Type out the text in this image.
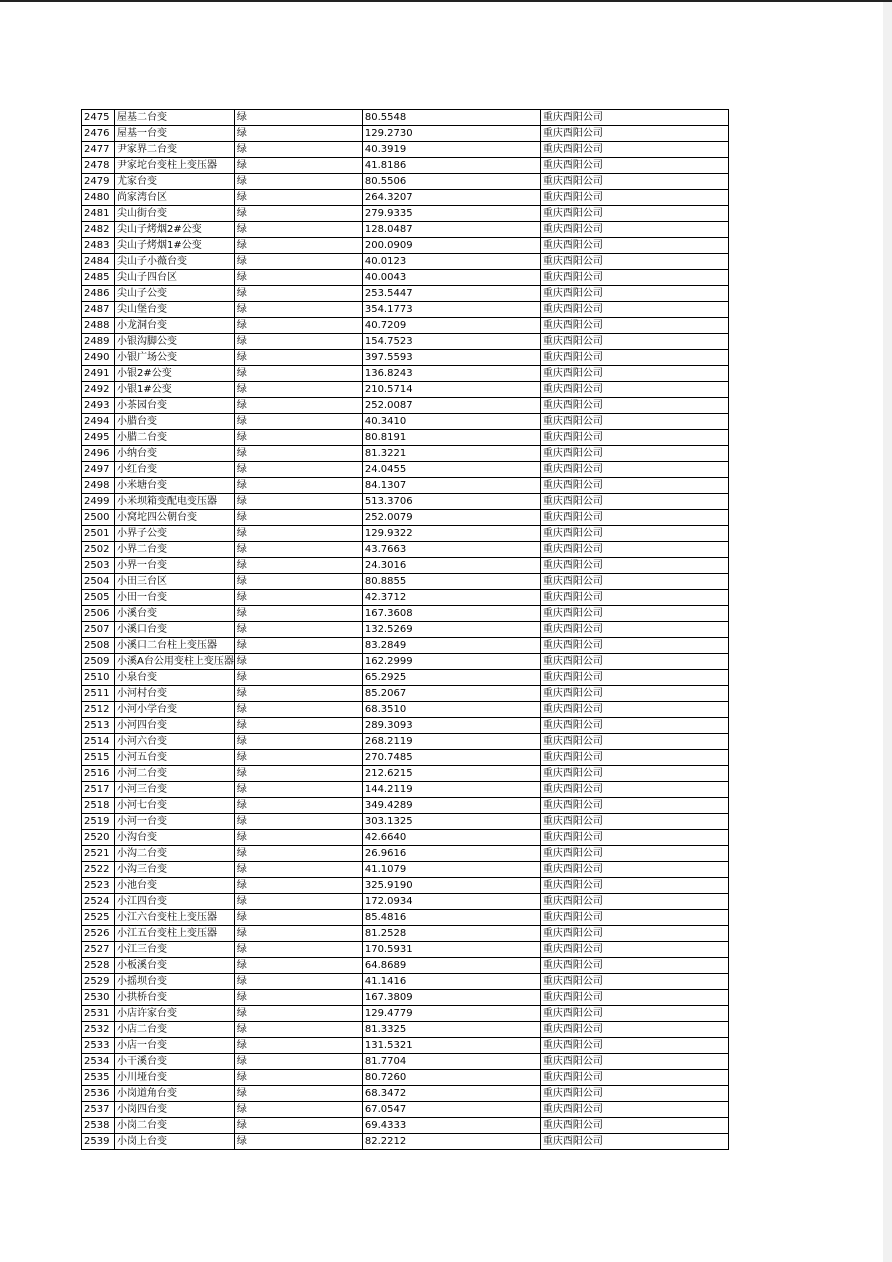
2475	屋基二台变	绿	80.5548	重庆酉阳公司
2476	屋基一台变	绿	129.2730	重庆酉阳公司
2477	尹家界二台变	绿	40.3919	重庆酉阳公司
2478	尹家坨台变柱上变压器	绿	41.8186	重庆酉阳公司
2479	尤家台变	绿	80.5506	重庆酉阳公司
2480	尚家湾台区	绿	264.3207	重庆酉阳公司
2481	尖山街台变	绿	279.9335	重庆酉阳公司
2482	尖山子烤烟2#公变	绿	128.0487	重庆酉阳公司
2483	尖山子烤烟1#公变	绿	200.0909	重庆酉阳公司
2484	尖山子小薇台变	绿	40.0123	重庆酉阳公司
2485	尖山子四台区	绿	40.0043	重庆酉阳公司
2486	尖山子公变	绿	253.5447	重庆酉阳公司
2487	尖山堡台变	绿	354.1773	重庆酉阳公司
2488	小龙洞台变	绿	40.7209	重庆酉阳公司
2489	小银沟脚公变	绿	154.7523	重庆酉阳公司
2490	小银广场公变	绿	397.5593	重庆酉阳公司
2491	小银2#公变	绿	136.8243	重庆酉阳公司
2492	小银1#公变	绿	210.5714	重庆酉阳公司
2493	小茶园台变	绿	252.0087	重庆酉阳公司
2494	小腊台变	绿	40.3410	重庆酉阳公司
2495	小腊二台变	绿	80.8191	重庆酉阳公司
2496	小纳台变	绿	81.3221	重庆酉阳公司
2497	小红台变	绿	24.0455	重庆酉阳公司
2498	小米塘台变	绿	84.1307	重庆酉阳公司
2499	小米坝箱变配电变压器	绿	513.3706	重庆酉阳公司
2500	小窝坨四公朝台变	绿	252.0079	重庆酉阳公司
2501	小界子公变	绿	129.9322	重庆酉阳公司
2502	小界二台变	绿	43.7663	重庆酉阳公司
2503	小界一台变	绿	24.3016	重庆酉阳公司
2504	小田三台区	绿	80.8855	重庆酉阳公司
2505	小田一台变	绿	42.3712	重庆酉阳公司
2506	小溪台变	绿	167.3608	重庆酉阳公司
2507	小溪口台变	绿	132.5269	重庆酉阳公司
2508	小溪口二台柱上变压器	绿	83.2849	重庆酉阳公司
2509	小溪A台公用变柱上变压器	绿	162.2999	重庆酉阳公司
2510	小泉台变	绿	65.2925	重庆酉阳公司
2511	小河村台变	绿	85.2067	重庆酉阳公司
2512	小河小学台变	绿	68.3510	重庆酉阳公司
2513	小河四台变	绿	289.3093	重庆酉阳公司
2514	小河六台变	绿	268.2119	重庆酉阳公司
2515	小河五台变	绿	270.7485	重庆酉阳公司
2516	小河二台变	绿	212.6215	重庆酉阳公司
2517	小河三台变	绿	144.2119	重庆酉阳公司
2518	小河七台变	绿	349.4289	重庆酉阳公司
2519	小河一台变	绿	303.1325	重庆酉阳公司
2520	小沟台变	绿	42.6640	重庆酉阳公司
2521	小沟二台变	绿	26.9616	重庆酉阳公司
2522	小沟三台变	绿	41.1079	重庆酉阳公司
2523	小池台变	绿	325.9190	重庆酉阳公司
2524	小江四台变	绿	172.0934	重庆酉阳公司
2525	小江六台变柱上变压器	绿	85.4816	重庆酉阳公司
2526	小江五台变柱上变压器	绿	81.2528	重庆酉阳公司
2527	小江三台变	绿	170.5931	重庆酉阳公司
2528	小板溪台变	绿	64.8689	重庆酉阳公司
2529	小摇坝台变	绿	41.1416	重庆酉阳公司
2530	小拱桥台变	绿	167.3809	重庆酉阳公司
2531	小店许家台变	绿	129.4779	重庆酉阳公司
2532	小店二台变	绿	81.3325	重庆酉阳公司
2533	小店一台变	绿	131.5321	重庆酉阳公司
2534	小干溪台变	绿	81.7704	重庆酉阳公司
2535	小川垭台变	绿	80.7260	重庆酉阳公司
2536	小岗道角台变	绿	68.3472	重庆酉阳公司
2537	小岗四台变	绿	67.0547	重庆酉阳公司
2538	小岗二台变	绿	69.4333	重庆酉阳公司
2539	小岗上台变	绿	82.2212	重庆酉阳公司
